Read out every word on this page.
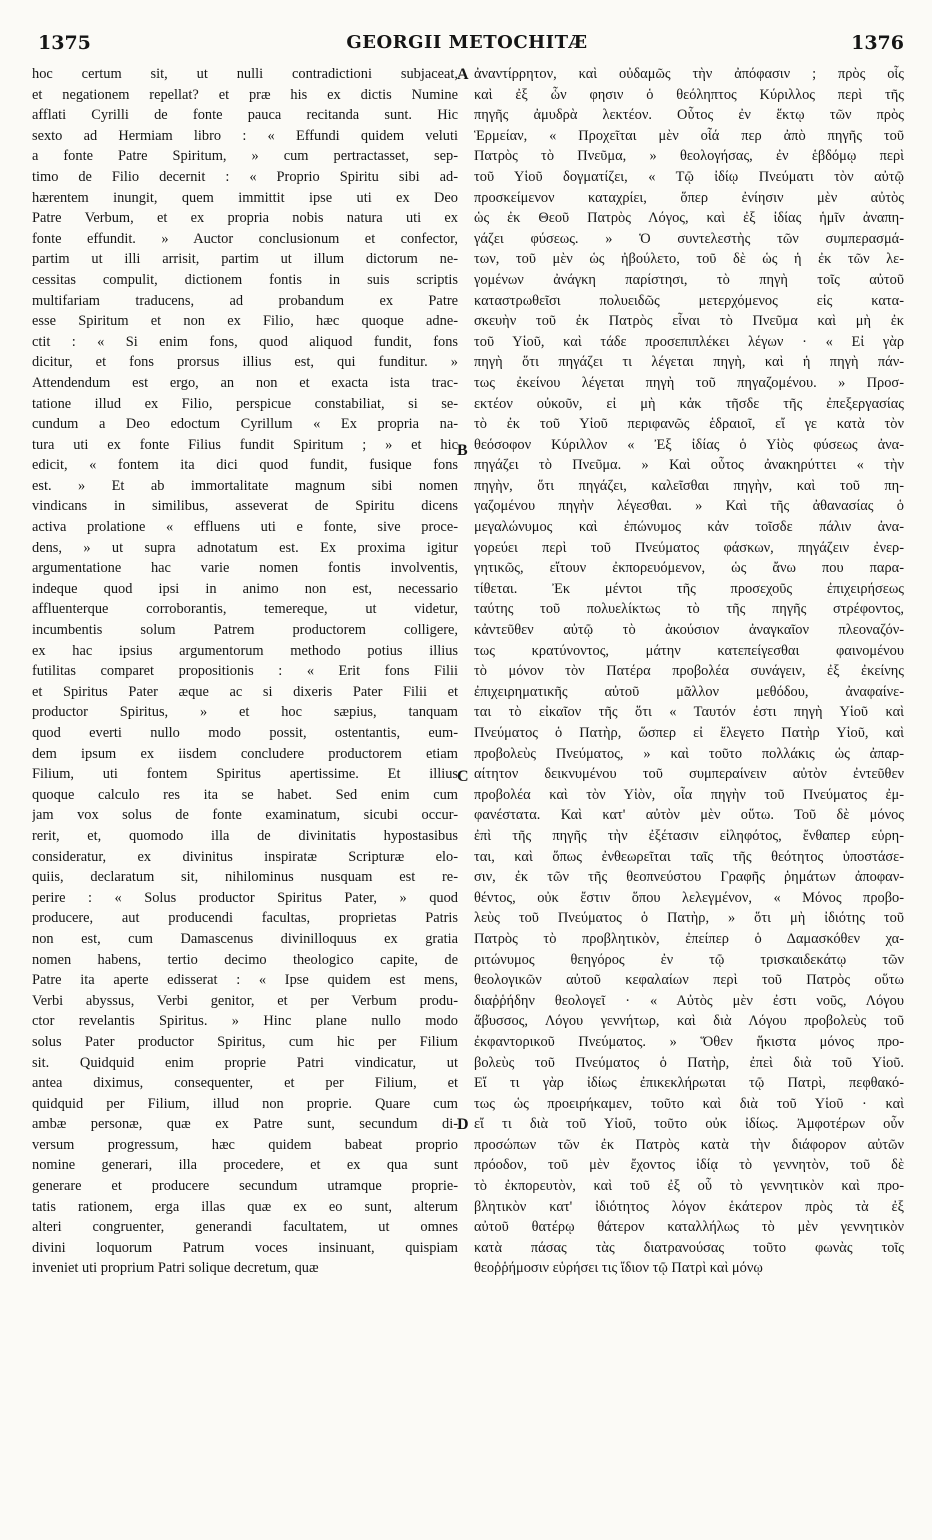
1375	GEORGII METOCHITÆ	1376
hoc certum sit, ut nulli contradictioni subjaceat,
et negationem repellat? et præ his ex dictis Numine
afflati Cyrilli de fonte pauca recitanda sunt. Hic
sexto ad Hermiam libro : « Effundi quidem veluti
a fonte Patre Spiritum, » cum pertractasset, sep-
timo de Filio decernit : « Proprio Spiritu sibi ad-
hærentem inungit, quem immittit ipse uti ex Deo
Patre Verbum, et ex propria nobis natura uti ex
fonte effundit. » Auctor conclusionum et confector,
partim ut illi arrisit, partim ut illum dictorum ne-
cessitas compulit, dictionem fontis in suis scriptis
multifariam traducens, ad probandum ex Patre
esse Spiritum et non ex Filio, hæc quoque adne-
ctit : « Si enim fons, quod aliquod fundit, fons
dicitur, et fons prorsus illius est, qui funditur. »
Attendendum est ergo, an non et exacta ista trac-
tatione illud ex Filio, perspicue constabiliat, si se-
cundum a Deo edoctum Cyrillum « Ex propria na-
tura uti ex fonte Filius fundit Spiritum ; » et hic
edicit, « fontem ita dici quod fundit, fusique fons
est. » Et ab immortalitate magnum sibi nomen
vindicans in similibus, asseverat de Spiritu dicens
activa prolatione « effluens uti e fonte, sive proce-
dens, » ut supra adnotatum est. Ex proxima igitur
argumentatione hac varie nomen fontis involventis,
indeque quod ipsi in animo non est, necessario
affluenterque corroborantis, temereque, ut videtur,
incumbentis solum Patrem productorem colligere,
ex hac ipsius argumentorum methodo potius illius
futilitas comparet propositionis : « Erit fons Filii
et Spiritus Pater æque ac si dixeris Pater Filii et
productor Spiritus, » et hoc sæpius, tanquam
quod everti nullo modo possit, ostentantis, eum-
dem ipsum ex iisdem concludere productorem etiam
Filium, uti fontem Spiritus apertissime. Et illius
quoque calculo res ita se habet. Sed enim cum
jam vox solus de fonte examinatum, sicubi occur-
rerit, et, quomodo illa de divinitatis hypostasibus
consideratur, ex divinitus inspiratæ Scripturæ elo-
quiis, declaratum sit, nihilominus nusquam est re-
perire : « Solus productor Spiritus Pater, » quod
producere, aut producendi facultas, proprietas Patris
non est, cum Damascenus divinilloquus ex gratia
nomen habens, tertio decimo theologico capite, de
Patre ita aperte edisserat : « Ipse quidem est mens,
Verbi abyssus, Verbi genitor, et per Verbum produ-
ctor revelantis Spiritus. » Hinc plane nullo modo
solus Pater productor Spiritus, cum hic per Filium
sit. Quidquid enim proprie Patri vindicatur, ut
antea diximus, consequenter, et per Filium, et
quidquid per Filium, illud non proprie. Quare cum
ambæ personæ, quæ ex Patre sunt, secundum di-
versum progressum, hæc quidem babeat proprio
nomine generari, illa procedere, et ex qua sunt
generare et producere secundum utramque proprie-
tatis rationem, erga illas quæ ex eo sunt, alterum
alteri congruenter, generandi facultatem, ut omnes
divini loquorum Patrum voces insinuant, quispiam
inveniet uti proprium Patri solique decretum, quæ
ἀναντίρρητον, καὶ οὐδαμῶς τὴν ἀπόφασιν ; πρὸς οἷς
καὶ ἐξ ὧν φησιν ὁ θεόληπτος Κύριλλος περὶ τῆς
πηγῆς ἀμυδρὰ λεκτέον. Οὗτος ἐν ἕκτῳ τῶν πρὸς
Ἑρμείαν, « Προχεῖται μὲν οἷά περ ἀπὸ πηγῆς τοῦ
Πατρὸς τὸ Πνεῦμα, » θεολογήσας, ἐν ἑβδόμῳ περὶ
τοῦ Υἱοῦ δογματίζει, « Τῷ ἰδίῳ Πνεύματι τὸν αὐτῷ
προσκείμενον καταχρίει, ὅπερ ἐνίησιν μὲν αὐτὸς
ὡς ἐκ Θεοῦ Πατρὸς Λόγος, καὶ ἐξ ἰδίας ἡμῖν ἀναπη-
γάζει φύσεως. » Ὁ συντελεστὴς τῶν συμπερασμά-
των, τοῦ μὲν ὡς ἠβούλετο, τοῦ δὲ ὡς ἡ ἐκ τῶν λε-
γομένων ἀνάγκη παρίστησι, τὸ πηγὴ τοῖς αὐτοῦ
καταστρωθεῖσι πολυειδῶς μετερχόμενος εἰς κατα-
σκευὴν τοῦ ἐκ Πατρὸς εἶναι τὸ Πνεῦμα καὶ μὴ ἐκ
τοῦ Υἱοῦ, καὶ τάδε προσεπιπλέκει λέγων · « Εἰ γὰρ
πηγὴ ὅτι πηγάζει τι λέγεται πηγὴ, καὶ ἡ πηγὴ πάν-
τως ἐκείνου λέγεται πηγὴ τοῦ πηγαζομένου. » Προσ-
εκτέον οὐκοῦν, εἰ μὴ κἀκ τῆσδε τῆς ἐπεξεργασίας
τὸ ἐκ τοῦ Υἱοῦ περιφανῶς ἑδραιοῖ, εἴ γε κατὰ τὸν
θεόσοφον Κύριλλον « Ἐξ ἰδίας ὁ Υἱὸς φύσεως ἀνα-
πηγάζει τὸ Πνεῦμα. » Καὶ οὗτος ἀνακηρύττει « τὴν
πηγὴν, ὅτι πηγάζει, καλεῖσθαι πηγὴν, καὶ τοῦ πη-
γαζομένου πηγὴν λέγεσθαι. » Καὶ τῆς ἀθανασίας ὁ
μεγαλώνυμος καὶ ἐπώνυμος κἀν τοῖσδε πάλιν ἀνα-
γορεύει περὶ τοῦ Πνεύματος φάσκων, πηγάζειν ἐνερ-
γητικῶς, εἴτουν ἐκπορευόμενον, ὡς ἄνω που παρα-
τίθεται. Ἐκ μέντοι τῆς προσεχοῦς ἐπιχειρήσεως
ταύτης τοῦ πολυελίκτως τὸ τῆς πηγῆς στρέφοντος,
κἀντεῦθεν αὐτῷ τὸ ἀκούσιον ἀναγκαῖον πλεοναζόν-
τως κρατύνοντος, μάτην κατεπείγεσθαι φαινομένου
τὸ μόνον τὸν Πατέρα προβολέα συνάγειν, ἐξ ἐκείνης
ἐπιχειρηματικῆς αὐτοῦ μᾶλλον μεθόδου, ἀναφαίνε-
ται τὸ εἰκαῖον τῆς ὅτι « Ταυτόν ἐστι πηγὴ Υἱοῦ καὶ
Πνεύματος ὁ Πατὴρ, ὥσπερ εἰ ἔλεγετο Πατὴρ Υἱοῦ, καὶ
προβολεὺς Πνεύματος, » καὶ τοῦτο πολλάκις ὡς ἀπαρ-
αίτητον δεικνυμένου τοῦ συμπεραίνειν αὐτὸν ἐντεῦθεν
προβολέα καὶ τὸν Υἱὸν, οἷα πηγὴν τοῦ Πνεύματος ἐμ-
φανέστατα. Καὶ κατ' αὐτὸν μὲν οὕτω. Τοῦ δὲ μόνος
ἐπὶ τῆς πηγῆς τὴν ἐξέτασιν εἰληφότος, ἔνθαπερ εὑρη-
ται, καὶ ὅπως ἐνθεωρεῖται ταῖς τῆς θεότητος ὑποστάσε-
σιν, ἐκ τῶν τῆς θεοπνεύστου Γραφῆς ῥημάτων ἀποφαν-
θέντος, οὐκ ἔστιν ὅπου λελεγμένον, « Μόνος προβο-
λεὺς τοῦ Πνεύματος ὁ Πατὴρ, » ὅτι μὴ ἰδιότης τοῦ
Πατρὸς τὸ προβλητικὸν, ἐπείπερ ὁ Δαμασκόθεν χα-
ριτώνυμος θεηγόρος ἐν τῷ τρισκαιδεκάτῳ τῶν
θεολογικῶν αὐτοῦ κεφαλαίων περὶ τοῦ Πατρὸς οὕτω
διαῤῥήδην θεολογεῖ · « Αὐτὸς μὲν ἐστι νοῦς, Λόγου
ἄβυσσος, Λόγου γεννήτωρ, καὶ διὰ Λόγου προβολεὺς τοῦ
ἐκφαντορικοῦ Πνεύματος. » Ὅθεν ἥκιστα μόνος προ-
βολεὺς τοῦ Πνεύματος ὁ Πατὴρ, ἐπεὶ διὰ τοῦ Υἱοῦ.
Εἴ τι γὰρ ἰδίως ἐπικεκλήρωται τῷ Πατρὶ, πεφθακό-
τως ὡς προειρήκαμεν, τοῦτο καὶ διὰ τοῦ Υἱοῦ · καὶ
εἴ τι διὰ τοῦ Υἱοῦ, τοῦτο οὐκ ἰδίως. Ἀμφοτέρων οὖν
προσώπων τῶν ἐκ Πατρὸς κατὰ τὴν διάφορον αὐτῶν
πρόοδον, τοῦ μὲν ἔχοντος ἰδίᾳ τὸ γεννητὸν, τοῦ δὲ
τὸ ἐκπορευτὸν, καὶ τοῦ ἐξ οὗ τὸ γεννητικὸν καὶ προ-
βλητικὸν κατ' ἰδιότητος λόγον ἑκάτερον πρὸς τὰ ἐξ
αὐτοῦ θατέρῳ θάτερον καταλλήλως τὸ μὲν γεννητικὸν
κατὰ πάσας τὰς διατρανούσας τοῦτο φωνὰς τοῖς
θεοῤῥήμοσιν εὑρήσει τις ἴδιον τῷ Πατρὶ καὶ μόνῳ
A
B
C
D
